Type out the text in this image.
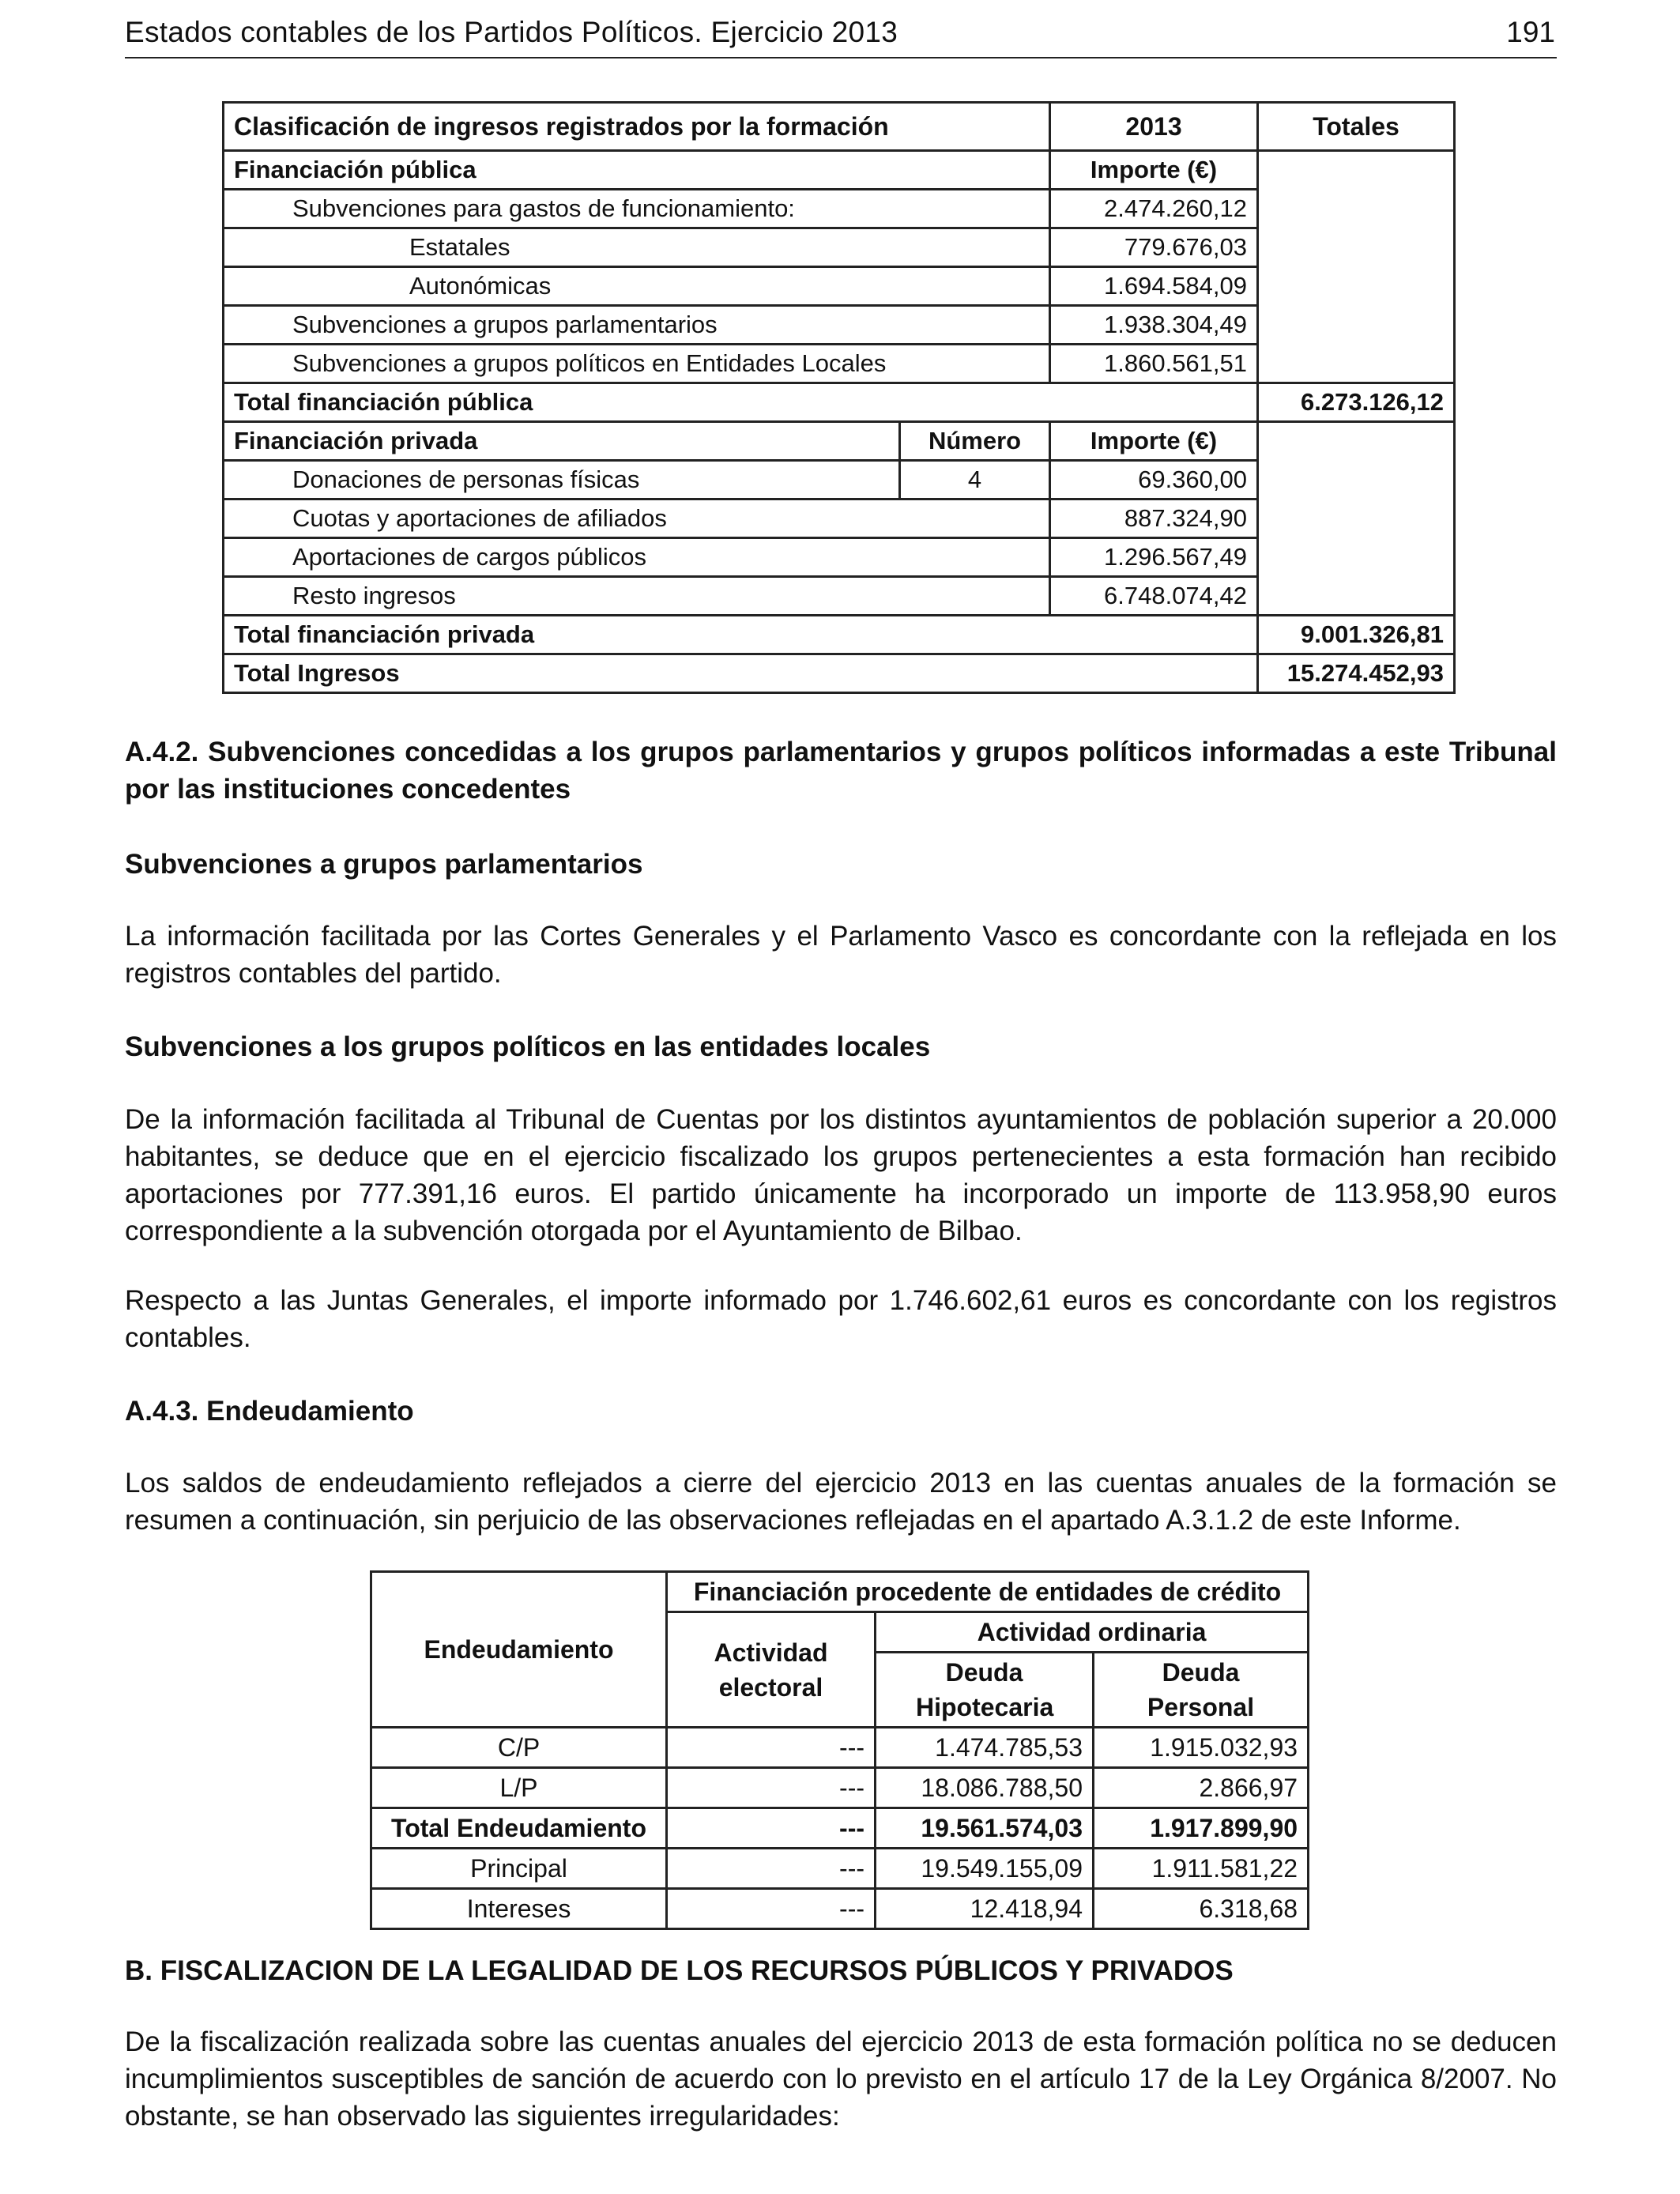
Estados contables de los Partidos Políticos. Ejercicio 2013	191
Clasificación de ingresos registrados por la formación		2013	Totales
Financiación pública		Importe (€)	
Subvenciones para gastos de funcionamiento:		2.474.260,12	
Estatales		779.676,03	
Autonómicas		1.694.584,09	
Subvenciones a grupos parlamentarios		1.938.304,49	
Subvenciones a grupos políticos en Entidades Locales		1.860.561,51	
Total financiación pública			6.273.126,12
Financiación privada	Número	Importe (€)	
Donaciones de personas físicas	4	69.360,00	
Cuotas y aportaciones de afiliados		887.324,90	
Aportaciones de cargos públicos		1.296.567,49	
Resto ingresos		6.748.074,42	
Total financiación privada			9.001.326,81
Total Ingresos			15.274.452,93

A.4.2. Subvenciones concedidas a los grupos parlamentarios y grupos políticos informadas a este Tribunal por las instituciones concedentes

Subvenciones a grupos parlamentarios

La información facilitada por las Cortes Generales y el Parlamento Vasco es concordante con la reflejada en los registros contables del partido.

Subvenciones a los grupos políticos en las entidades locales

De la información facilitada al Tribunal de Cuentas por los distintos ayuntamientos de población superior a 20.000 habitantes, se deduce que en el ejercicio fiscalizado los grupos pertenecientes a esta formación han recibido aportaciones por 777.391,16 euros. El partido únicamente ha incorporado un importe de 113.958,90 euros correspondiente a la subvención otorgada por el Ayuntamiento de Bilbao.

Respecto a las Juntas Generales, el importe informado por 1.746.602,61 euros es concordante con los registros contables.

A.4.3. Endeudamiento

Los saldos de endeudamiento reflejados a cierre del ejercicio 2013 en las cuentas anuales de la formación se resumen a continuación, sin perjuicio de las observaciones reflejadas en el apartado A.3.1.2 de este Informe.

Endeudamiento	Financiación procedente de entidades de crédito		
	Actividad electoral	Actividad ordinaria	
		Deuda Hipotecaria	Deuda Personal
C/P	---	1.474.785,53	1.915.032,93
L/P	---	18.086.788,50	2.866,97
Total Endeudamiento	---	19.561.574,03	1.917.899,90
Principal	---	19.549.155,09	1.911.581,22
Intereses	---	12.418,94	6.318,68

B. FISCALIZACION DE LA LEGALIDAD DE LOS RECURSOS PÚBLICOS Y PRIVADOS

De la fiscalización realizada sobre las cuentas anuales del ejercicio 2013 de esta formación política no se deducen incumplimientos susceptibles de sanción de acuerdo con lo previsto en el artículo 17 de la Ley Orgánica 8/2007. No obstante, se han observado las siguientes irregularidades:
